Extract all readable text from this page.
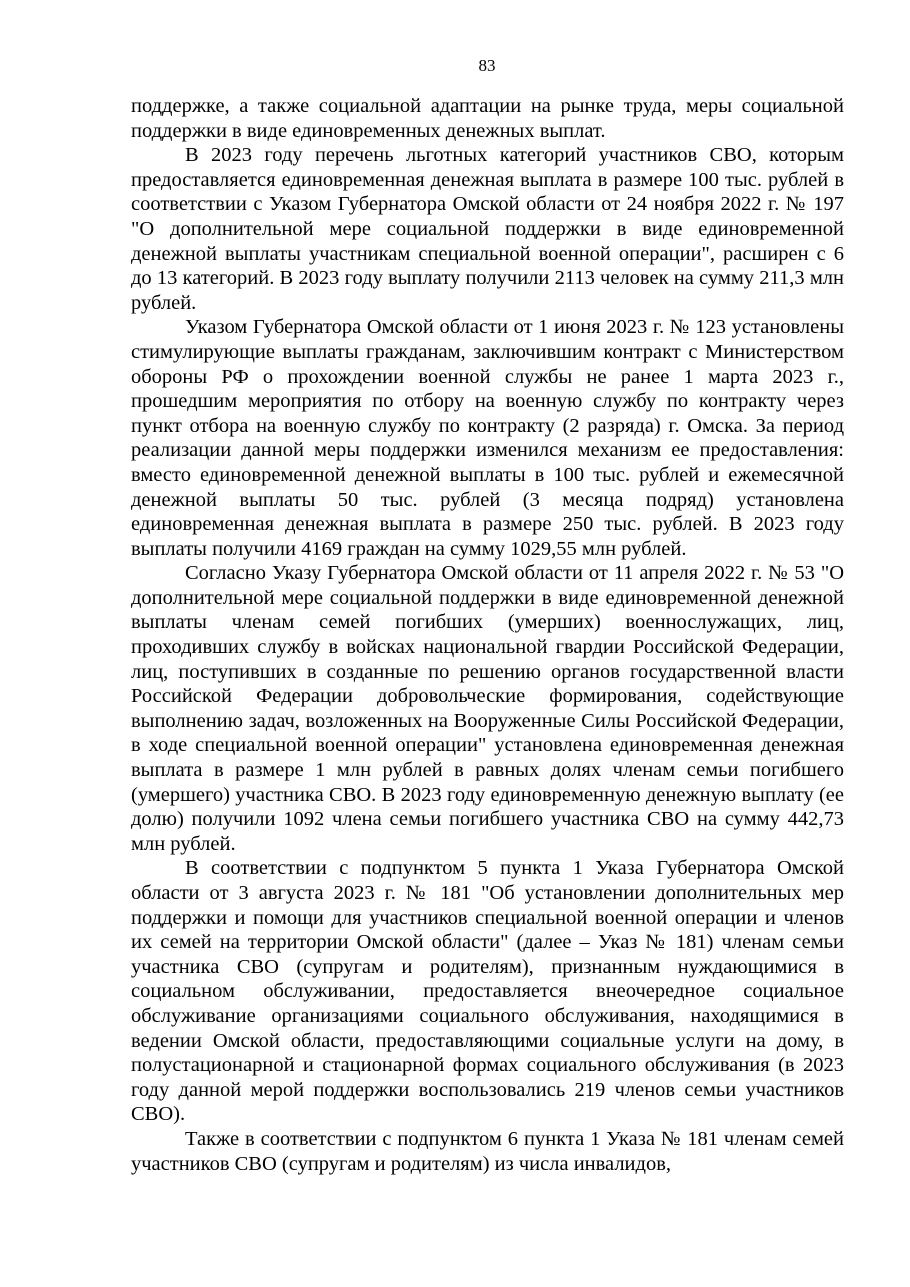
83

поддержке, а также социальной адаптации на рынке труда, меры социальной поддержки в виде единовременных денежных выплат.

В 2023 году перечень льготных категорий участников СВО, которым предоставляется единовременная денежная выплата в размере 100 тыс. рублей в соответствии с Указом Губернатора Омской области от 24 ноября 2022 г. № 197 "О дополнительной мере социальной поддержки в виде единовременной денежной выплаты участникам специальной военной операции", расширен с 6 до 13 категорий. В 2023 году выплату получили 2113 человек на сумму 211,3 млн рублей.

Указом Губернатора Омской области от 1 июня 2023 г. № 123 установлены стимулирующие выплаты гражданам, заключившим контракт с Министерством обороны РФ о прохождении военной службы не ранее 1 марта 2023 г., прошедшим мероприятия по отбору на военную службу по контракту через пункт отбора на военную службу по контракту (2 разряда) г. Омска. За период реализации данной меры поддержки изменился механизм ее предоставления: вместо единовременной денежной выплаты в 100 тыс. рублей и ежемесячной денежной выплаты 50 тыс. рублей (3 месяца подряд) установлена единовременная денежная выплата в размере 250 тыс. рублей. В 2023 году выплаты получили 4169 граждан на сумму 1029,55 млн рублей.

Согласно Указу Губернатора Омской области от 11 апреля 2022 г. № 53 "О дополнительной мере социальной поддержки в виде единовременной денежной выплаты членам семей погибших (умерших) военнослужащих, лиц, проходивших службу в войсках национальной гвардии Российской Федерации, лиц, поступивших в созданные по решению органов государственной власти Российской Федерации добровольческие формирования, содействующие выполнению задач, возложенных на Вооруженные Силы Российской Федерации, в ходе специальной военной операции" установлена единовременная денежная выплата в размере 1 млн рублей в равных долях членам семьи погибшего (умершего) участника СВО. В 2023 году единовременную денежную выплату (ее долю) получили 1092 члена семьи погибшего участника СВО на сумму 442,73 млн рублей.

В соответствии с подпунктом 5 пункта 1 Указа Губернатора Омской области от 3 августа 2023 г. № 181 "Об установлении дополнительных мер поддержки и помощи для участников специальной военной операции и членов их семей на территории Омской области" (далее – Указ № 181) членам семьи участника СВО (супругам и родителям), признанным нуждающимися в социальном обслуживании, предоставляется внеочередное социальное обслуживание организациями социального обслуживания, находящимися в ведении Омской области, предоставляющими социальные услуги на дому, в полустационарной и стационарной формах социального обслуживания (в 2023 году данной мерой поддержки воспользовались 219 членов семьи участников СВО).

Также в соответствии с подпунктом 6 пункта 1 Указа № 181 членам семей участников СВО (супругам и родителям) из числа инвалидов,
